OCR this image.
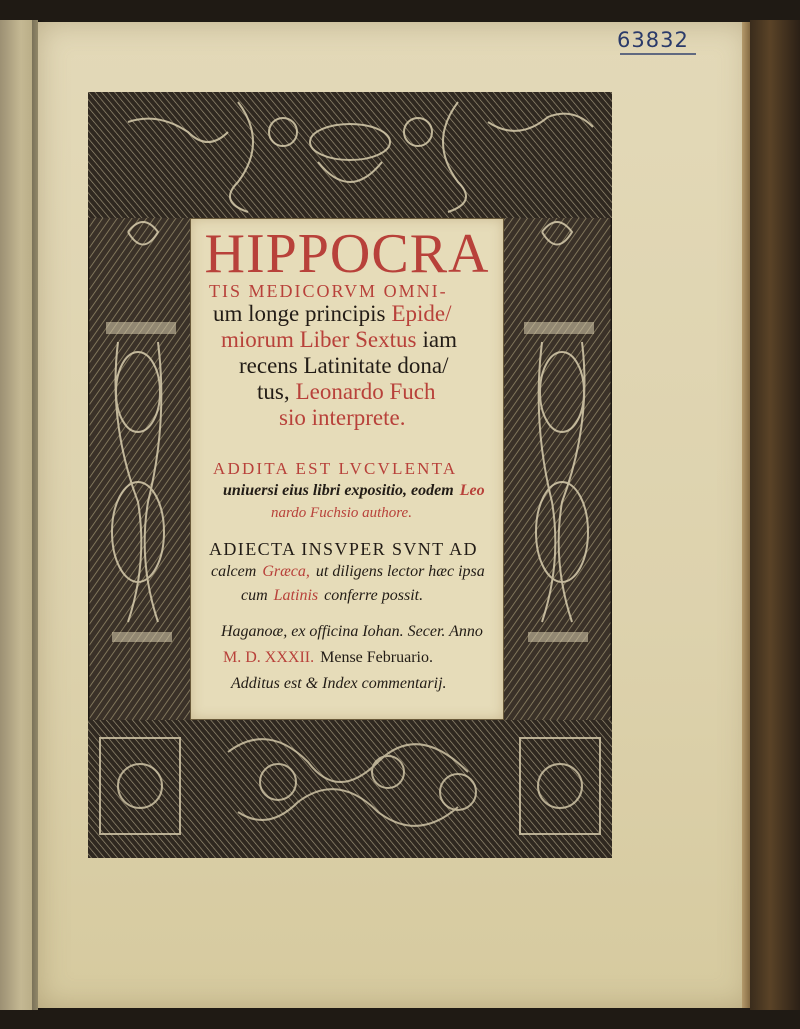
63832
HIPPOCRA
TIS MEDICORVM OMNI-
um longe principis Epide/
miorum Liber Sextus iam
recens Latinitate dona/
tus, Leonardo Fuch
sio interprete.
ADDITA EST LVCVLENTA
uniuersi eius libri expositio, eodem Leo
nardo Fuchsio authore.
ADIECTA INSVPER SVNT AD
calcem Græca, ut diligens lector hæc ipsa
cum Latinis conferre possit.
Haganoæ, ex officina Iohan. Secer. Anno
M. D. XXXII. Mense Februario.
Additus est & Index commentarij.
